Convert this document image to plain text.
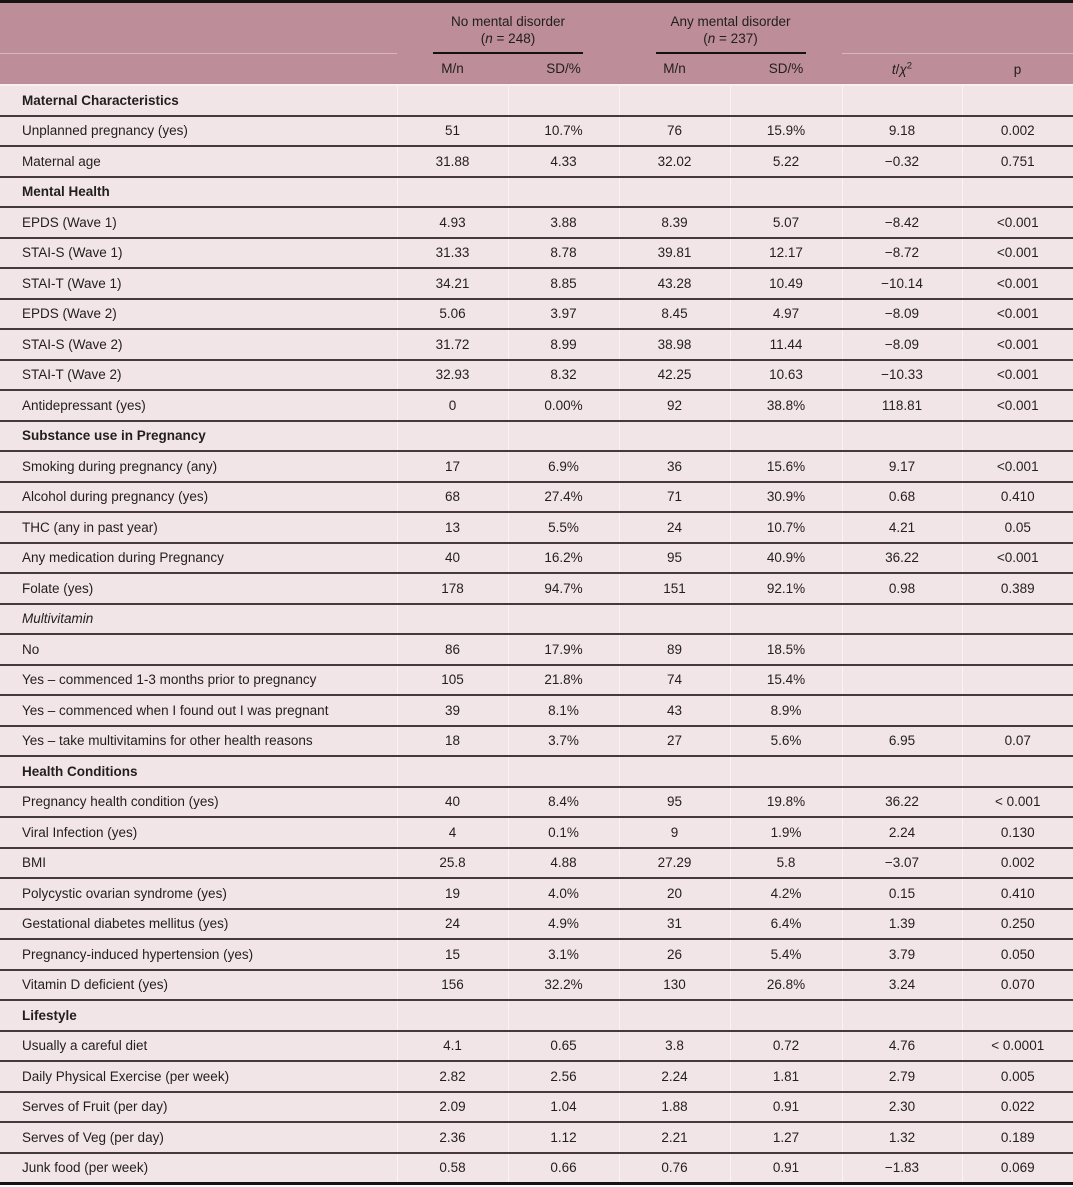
No mental disorder
(n = 248)

Any mental disorder
(n = 237)

	M/n	SD/%	M/n	SD/%	$t/\chi^2$	p
Maternal Characteristics						
Unplanned pregnancy (yes)	51	10.7%	76	15.9%	9.18	0.002
Maternal age	31.88	4.33	32.02	5.22	−0.32	0.751
Mental Health						
EPDS (Wave 1)	4.93	3.88	8.39	5.07	−8.42	<0.001
STAI-S (Wave 1)	31.33	8.78	39.81	12.17	−8.72	<0.001
STAI-T (Wave 1)	34.21	8.85	43.28	10.49	−10.14	<0.001
EPDS (Wave 2)	5.06	3.97	8.45	4.97	−8.09	<0.001
STAI-S (Wave 2)	31.72	8.99	38.98	11.44	−8.09	<0.001
STAI-T (Wave 2)	32.93	8.32	42.25	10.63	−10.33	<0.001
Antidepressant (yes)	0	0.00%	92	38.8%	118.81	<0.001
Substance use in Pregnancy						
Smoking during pregnancy (any)	17	6.9%	36	15.6%	9.17	<0.001
Alcohol during pregnancy (yes)	68	27.4%	71	30.9%	0.68	0.410
THC (any in past year)	13	5.5%	24	10.7%	4.21	0.05
Any medication during Pregnancy	40	16.2%	95	40.9%	36.22	<0.001
Folate (yes)	178	94.7%	151	92.1%	0.98	0.389
Multivitamin						
No	86	17.9%	89	18.5%		
Yes – commenced 1-3 months prior to pregnancy	105	21.8%	74	15.4%		
Yes – commenced when I found out I was pregnant	39	8.1%	43	8.9%		
Yes – take multivitamins for other health reasons	18	3.7%	27	5.6%	6.95	0.07
Health Conditions						
Pregnancy health condition (yes)	40	8.4%	95	19.8%	36.22	< 0.001
Viral Infection (yes)	4	0.1%	9	1.9%	2.24	0.130
BMI	25.8	4.88	27.29	5.8	−3.07	0.002
Polycystic ovarian syndrome (yes)	19	4.0%	20	4.2%	0.15	0.410
Gestational diabetes mellitus (yes)	24	4.9%	31	6.4%	1.39	0.250
Pregnancy-induced hypertension (yes)	15	3.1%	26	5.4%	3.79	0.050
Vitamin D deficient (yes)	156	32.2%	130	26.8%	3.24	0.070
Lifestyle						
Usually a careful diet	4.1	0.65	3.8	0.72	4.76	< 0.0001
Daily Physical Exercise (per week)	2.82	2.56	2.24	1.81	2.79	0.005
Serves of Fruit (per day)	2.09	1.04	1.88	0.91	2.30	0.022
Serves of Veg (per day)	2.36	1.12	2.21	1.27	1.32	0.189
Junk food (per week)	0.58	0.66	0.76	0.91	−1.83	0.069
